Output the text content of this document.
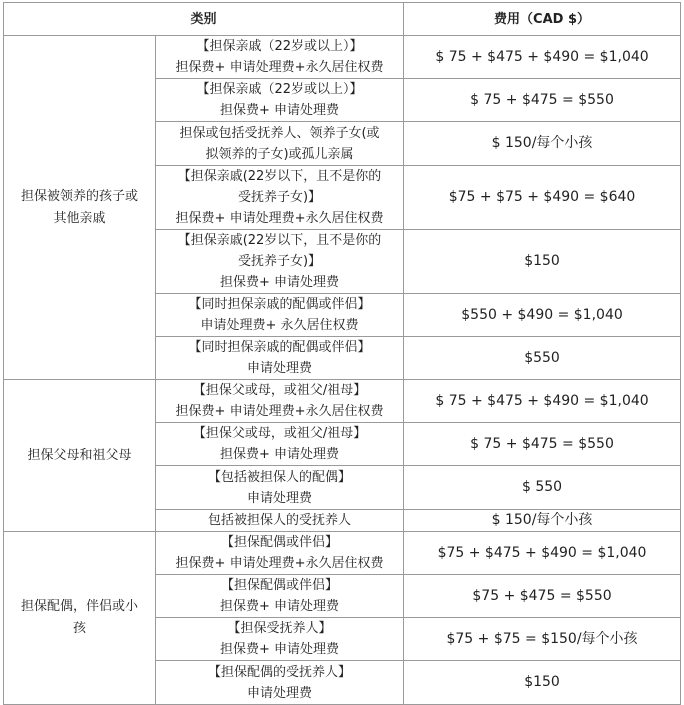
类别		费用（CAD $）
担保被领养的孩子或
其他亲戚	【担保亲戚（22岁或以上）】
担保费+ 申请处理费+永久居住权费	$ 75 + $475 + $490 = $1,040
	【担保亲戚（22岁或以上）】
担保费+ 申请处理费	$ 75 + $475 = $550
	担保或包括受抚养人、领养子女(或
拟领养的子女)或孤儿亲属	$ 150/每个小孩
	【担保亲戚(22岁以下，且不是你的
受抚养子女)】
担保费+ 申请处理费+永久居住权费	$75 + $75 + $490 = $640
	【担保亲戚(22岁以下，且不是你的
受抚养子女)】
担保费+ 申请处理费	$150
	【同时担保亲戚的配偶或伴侣】
申请处理费+ 永久居住权费	$550 + $490 = $1,040
	【同时担保亲戚的配偶或伴侣】
申请处理费	$550
担保父母和祖父母	【担保父或母，或祖父/祖母】
担保费+ 申请处理费+永久居住权费	$ 75 + $475 + $490 = $1,040
	【担保父或母，或祖父/祖母】
担保费+ 申请处理费	$ 75 + $475 = $550
	【包括被担保人的配偶】
申请处理费	$ 550
	包括被担保人的受抚养人	$ 150/每个小孩
担保配偶，伴侣或小
孩	【担保配偶或伴侣】
担保费+ 申请处理费+永久居住权费	$75 + $475 + $490 = $1,040
	【担保配偶或伴侣】
担保费+ 申请处理费	$75 + $475 = $550
	【担保受抚养人】
担保费+ 申请处理费	$75 + $75 = $150/每个小孩
	【担保配偶的受抚养人】
申请处理费	$150
